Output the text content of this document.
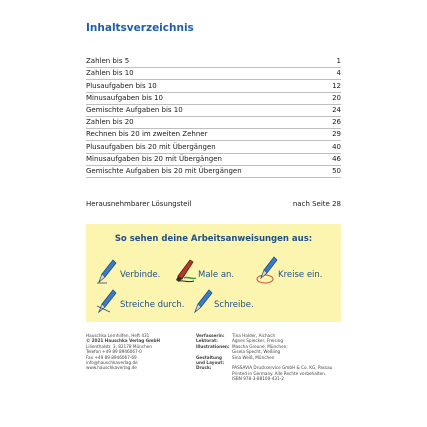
Inhaltsverzeichnis
Zahlen bis 5	1
Zahlen bis 10	4
Plusaufgaben bis 10	12
Minusaufgaben bis 10	20
Gemischte Aufgaben bis 10	24
Zahlen bis 20	26
Rechnen bis 20 im zweiten Zehner	29
Plusaufgaben bis 20 mit Übergängen	40
Minusaufgaben bis 20 mit Übergängen	46
Gemischte Aufgaben bis 20 mit Übergängen	50
Herausnehmbarer Lösungsteil	nach Seite 28
So sehen deine Arbeitsanweisungen aus:
Verbinde.	Male an.	Kreise ein.
Streiche durch.	Schreibe.
Hauschka Lernhilfen, Heft 431
© 2021 Hauschka Verlag GmbH
Lilienthalstr. 3, 82178 München
Telefon +49 89 8946067-0
Fax +49 89 8946067-69
info@hauschkaverlag.de
www.hauschkaverlag.de
Verfasserin:	Tina Halder, Aichach
Lektorat:	Agnes Spiecker, Freising
Illustrationen: Mascha Greune, München;
Gisela Specht, Weßling
Gestaltung und Layout:
Sina Weiß, München
Druck:	PASSAVIA Druckservice GmbH & Co. KG, Passau
Printed in Germany. Alle Rechte vorbehalten.
ISBN 978-3-88100-431-2
